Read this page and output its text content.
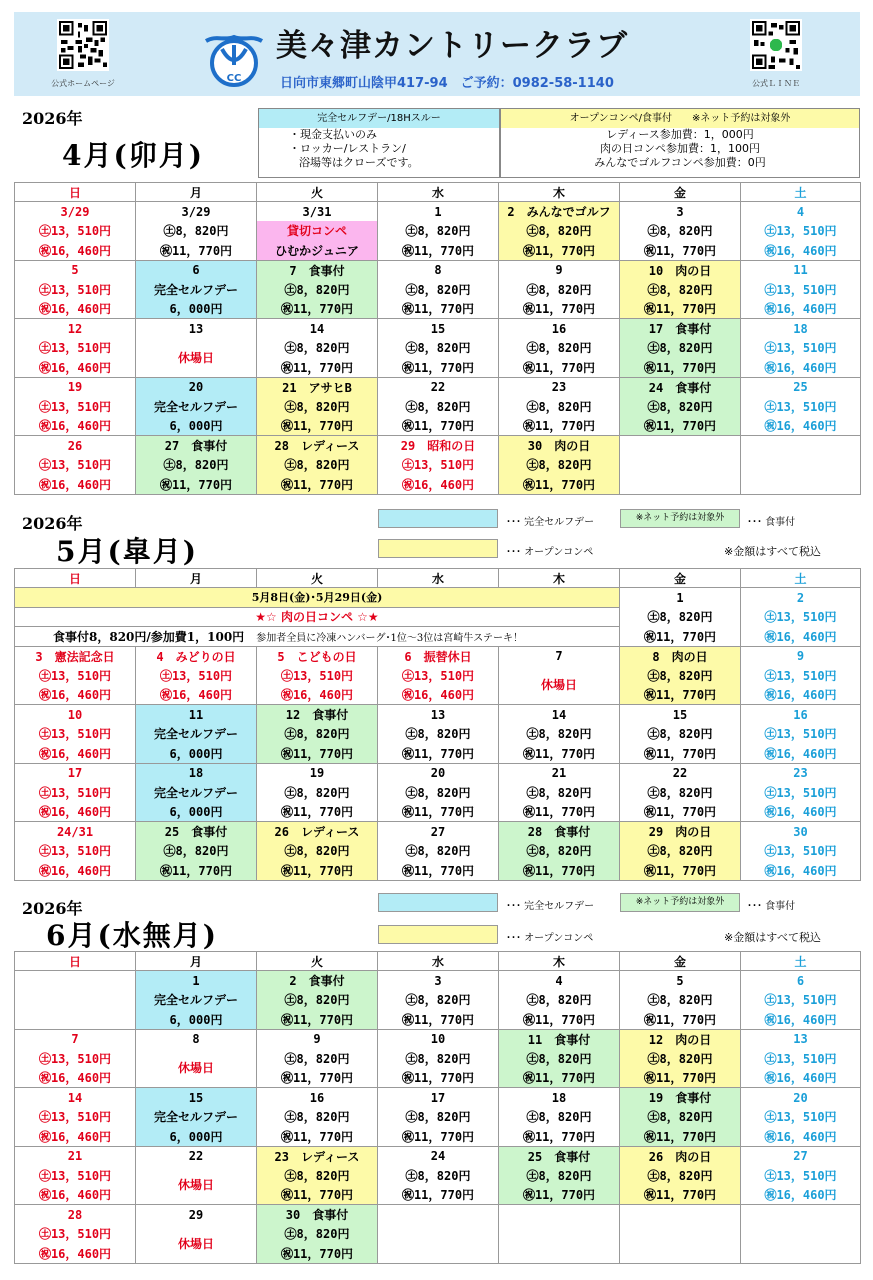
公式ホームページ	CC
美々津カントリークラブ
日向市東郷町山陰甲417-94　ご予約：0982-58-1140	公式ＬＩＮＥ
2026年
4月(卯月)
完全セルフデー/18Hスルー
・現金支払いのみ
・ロッカー/レストラン/
浴場等はクローズです。
オープンコンペ/食事付　　※ネット予約は対象外
レディース参加費：1，000円
肉の日コンペ参加費：1，100円
みんなでゴルフコンペ参加費：0円
日	月	火	水	木	金	土
3/29	3/29	3/31	1	2　みんなでゴルフ	3	4
㊏13，510円	㊏8，820円	貸切コンペ	㊏8，820円	㊏8，820円	㊏8，820円	㊏13，510円
㊗16，460円	㊗11，770円	ひむかジュニア	㊗11，770円	㊗11，770円	㊗11，770円	㊗16，460円
5	6	7　食事付	8	9	10　肉の日	11
㊏13，510円	完全セルフデー	㊏8，820円	㊏8，820円	㊏8，820円	㊏8，820円	㊏13，510円
㊗16，460円	6，000円	㊗11，770円	㊗11，770円	㊗11，770円	㊗11，770円	㊗16，460円
12	13	14	15	16	17　食事付	18
㊏13，510円	休場日	㊏8，820円	㊏8，820円	㊏8，820円	㊏8，820円	㊏13，510円
㊗16，460円		㊗11，770円	㊗11，770円	㊗11，770円	㊗11，770円	㊗16，460円
19	20	21　アサヒB	22	23	24　食事付	25
㊏13，510円	完全セルフデー	㊏8，820円	㊏8，820円	㊏8，820円	㊏8，820円	㊏13，510円
㊗16，460円	6，000円	㊗11，770円	㊗11，770円	㊗11，770円	㊗11，770円	㊗16，460円
26	27　食事付	28　レディース	29　昭和の日	30　肉の日		
㊏13，510円	㊏8，820円	㊏8，820円	㊏13，510円	㊏8，820円		
㊗16，460円	㊗11，770円	㊗11，770円	㊗16，460円	㊗11，770円		
2026年
5月(皐月)
･･･ 完全セルフデー	※ネット予約は対象外	･･･ 食事付
･･･ オープンコンペ	※金額はすべて税込
日	月	火	水	木	金	土
5月8日(金)･5月29日(金)					1	2
★☆ 肉の日コンペ ☆★					㊏8，820円	㊏13，510円
食事付8，820円/参加費1，100円　 参加者全員に冷凍ハンバーグ･1位～3位は宮崎牛ステーキ！					㊗11，770円	㊗16，460円
3　憲法記念日	4　みどりの日	5　こどもの日	6　振替休日	7	8　肉の日	9
㊏13，510円	㊏13，510円	㊏13，510円	㊏13，510円	休場日	㊏8，820円	㊏13，510円
㊗16，460円	㊗16，460円	㊗16，460円	㊗16，460円		㊗11，770円	㊗16，460円
10	11	12　食事付	13	14	15	16
㊏13，510円	完全セルフデー	㊏8，820円	㊏8，820円	㊏8，820円	㊏8，820円	㊏13，510円
㊗16，460円	6，000円	㊗11，770円	㊗11，770円	㊗11，770円	㊗11，770円	㊗16，460円
17	18	19	20	21	22	23
㊏13，510円	完全セルフデー	㊏8，820円	㊏8，820円	㊏8，820円	㊏8，820円	㊏13，510円
㊗16，460円	6，000円	㊗11，770円	㊗11，770円	㊗11，770円	㊗11，770円	㊗16，460円
24/31	25　食事付	26　レディース	27	28　食事付	29　肉の日	30
㊏13，510円	㊏8，820円	㊏8，820円	㊏8，820円	㊏8，820円	㊏8，820円	㊏13，510円
㊗16，460円	㊗11，770円	㊗11，770円	㊗11，770円	㊗11，770円	㊗11，770円	㊗16，460円
2026年
6月(水無月)
･･･ 完全セルフデー	※ネット予約は対象外	･･･ 食事付
･･･ オープンコンペ	※金額はすべて税込
日	月	火	水	木	金	土
	1	2　食事付	3	4	5	6
	完全セルフデー	㊏8，820円	㊏8，820円	㊏8，820円	㊏8，820円	㊏13，510円
	6，000円	㊗11，770円	㊗11，770円	㊗11，770円	㊗11，770円	㊗16，460円
7	8	9	10	11　食事付	12　肉の日	13
㊏13，510円	休場日	㊏8，820円	㊏8，820円	㊏8，820円	㊏8，820円	㊏13，510円
㊗16，460円		㊗11，770円	㊗11，770円	㊗11，770円	㊗11，770円	㊗16，460円
14	15	16	17	18	19　食事付	20
㊏13，510円	完全セルフデー	㊏8，820円	㊏8，820円	㊏8，820円	㊏8，820円	㊏13，510円
㊗16，460円	6，000円	㊗11，770円	㊗11，770円	㊗11，770円	㊗11，770円	㊗16，460円
21	22	23　レディース	24	25　食事付	26　肉の日	27
㊏13，510円	休場日	㊏8，820円	㊏8，820円	㊏8，820円	㊏8，820円	㊏13，510円
㊗16，460円		㊗11，770円	㊗11，770円	㊗11，770円	㊗11，770円	㊗16，460円
28	29	30　食事付				
㊏13，510円	休場日	㊏8，820円				
㊗16，460円		㊗11，770円				
